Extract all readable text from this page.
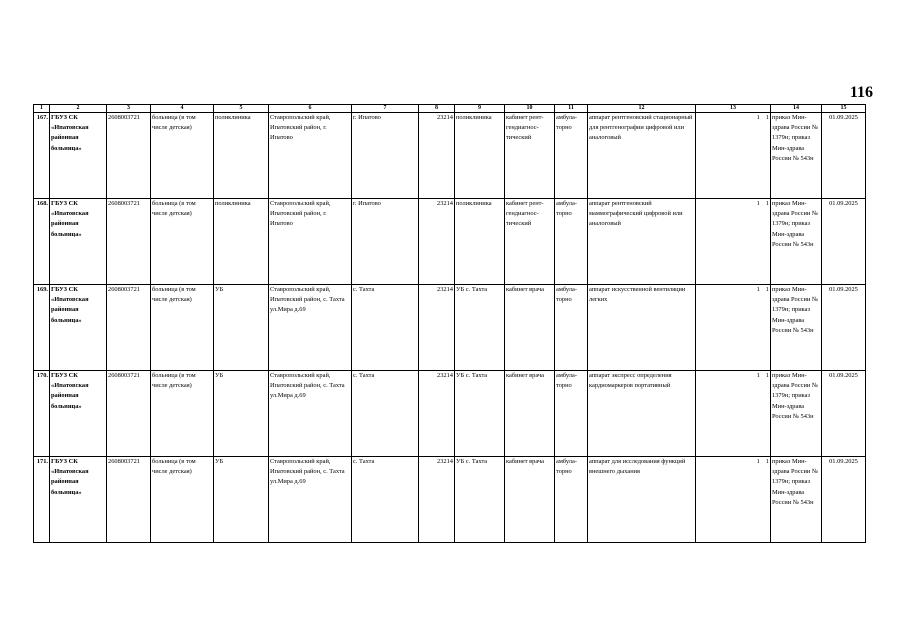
116
1	2	3	4	5	6	7	8	9	10	11	12	13	14	15
167.	ГБУЗ СК «Ипатовская районная больница»	2608003721	больница (в том числе детская)	поликлиника	Ставропольский край, Ипатовский район, г. Ипатово	г. Ипатово	23214	поликлиника	кабинет рент-гендиагнос-тический	амбула-торно	аппарат рентгеновский стационарный для рентгенографии цифровой или аналоговый	1 1	приказ Мин-здрава России № 1379н; приказ Мин-здрава России № 543н	01.09.2025
168.	ГБУЗ СК «Ипатовская районная больница»	2608003721	больница (в том числе детская)	поликлиника	Ставропольский край, Ипатовский район, г. Ипатово	г. Ипатово	23214	поликлиника	кабинет рент-гендиагнос-тический	амбула-торно	аппарат рентгеновский маммографический цифровой или аналоговый	1 1	приказ Мин-здрава России № 1379н; приказ Мин-здрава России № 543н	01.09.2025
169.	ГБУЗ СК «Ипатовская районная больница»	2608003721	больница (в том числе детская)	УБ	Ставропольский край, Ипатовский район, с. Тахта ул.Мира д.69	с. Тахта	23214	УБ с. Тахта	кабинет врача	амбула-торно	аппарат искусственной вентиляции легких	1 1	приказ Мин-здрава России № 1379н; приказ Мин-здрава России № 543н	01.09.2025
170.	ГБУЗ СК «Ипатовская районная больница»	2608003721	больница (в том числе детская)	УБ	Ставропольский край, Ипатовский район, с. Тахта ул.Мира д.69	с. Тахта	23214	УБ с. Тахта	кабинет врача	амбула-торно	аппарат экспресс определения кардиомаркеров портативный	1 1	приказ Мин-здрава России № 1379н; приказ Мин-здрава России № 543н	01.09.2025
171.	ГБУЗ СК «Ипатовская районная больница»	2608003721	больница (в том числе детская)	УБ	Ставропольский край, Ипатовский район, с. Тахта ул.Мира д.69	с. Тахта	23214	УБ с. Тахта	кабинет врача	амбула-торно	аппарат для исследования функций внешнего дыхания	1 1	приказ Мин-здрава России № 1379н; приказ Мин-здрава России № 543н	01.09.2025
